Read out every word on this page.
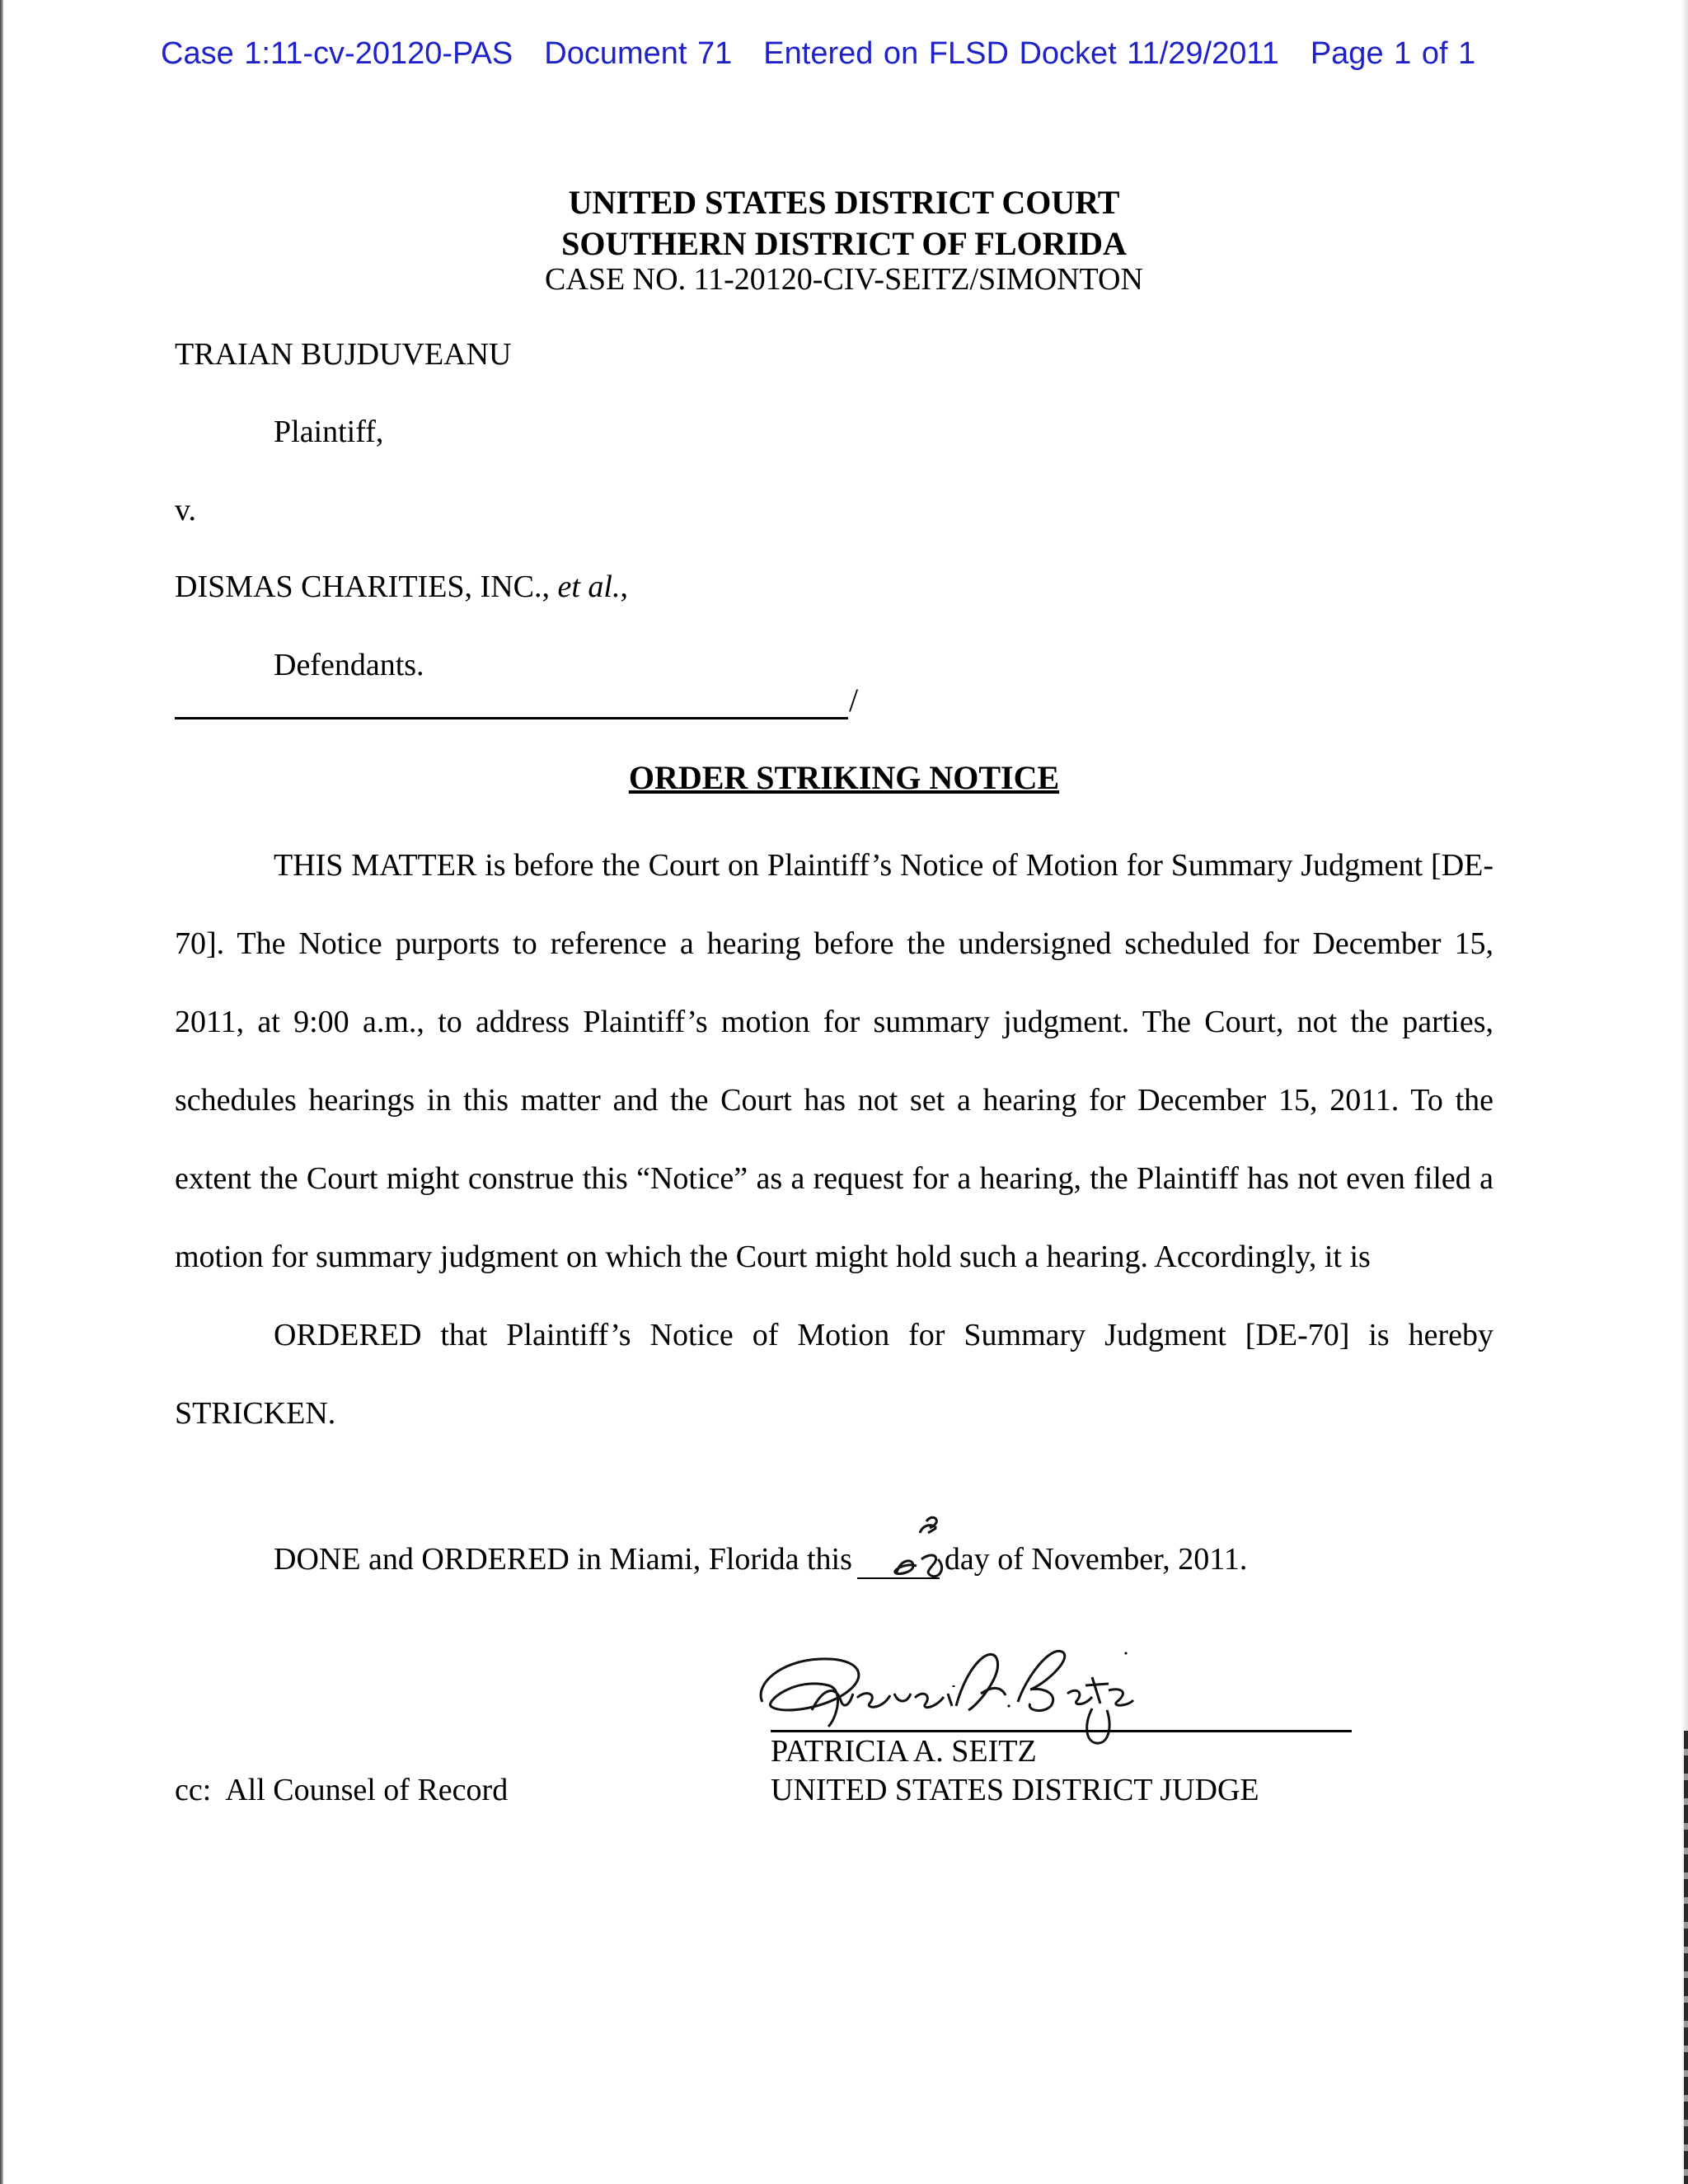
Case 1:11-cv-20120-PAS Document 71 Entered on FLSD Docket 11/29/2011 Page 1 of 1
UNITED STATES DISTRICT COURT
SOUTHERN DISTRICT OF FLORIDA
CASE NO. 11-20120-CIV-SEITZ/SIMONTON
TRAIAN BUJDUVEANU
Plaintiff,
v.
DISMAS CHARITIES, INC., et al.,
Defendants.
/
ORDER STRIKING NOTICE

THIS MATTER is before the Court on Plaintiff’s Notice of Motion for Summary Judgment [DE-70]. The Notice purports to reference a hearing before the undersigned scheduled for December 15, 2011, at 9:00 a.m., to address Plaintiff’s motion for summary judgment. The Court, not the parties, schedules hearings in this matter and the Court has not set a hearing for December 15, 2011. To the extent the Court might construe this “Notice” as a request for a hearing, the Plaintiff has not even filed a motion for summary judgment on which the Court might hold such a hearing. Accordingly, it is

ORDERED that Plaintiff’s Notice of Motion for Summary Judgment [DE-70] is hereby STRICKEN.

DONE and ORDERED in Miami, Florida this	day of November, 2011.
PATRICIA A. SEITZ
UNITED STATES DISTRICT JUDGE
cc:  All Counsel of Record
